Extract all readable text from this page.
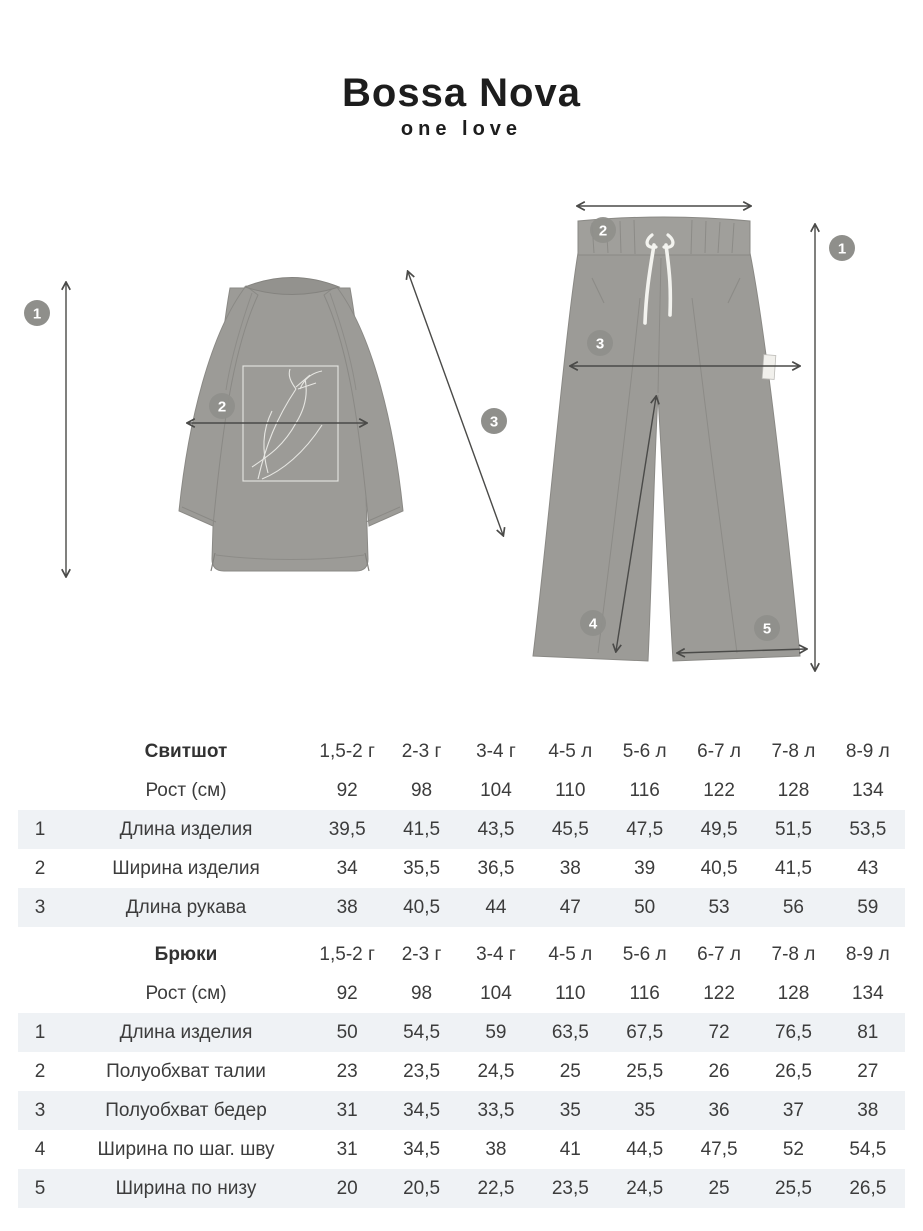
Bossa Nova
one love
1
2
3
1
2
3
4	5
	Свитшот	1,5-2 г	2-3 г	3-4 г	4-5 л	5-6 л	6-7 л	7-8 л	8-9 л
	Рост (см)	92	98	104	110	116	122	128	134
1	Длина изделия	39,5	41,5	43,5	45,5	47,5	49,5	51,5	53,5
2	Ширина изделия	34	35,5	36,5	38	39	40,5	41,5	43
3	Длина рукава	38	40,5	44	47	50	53	56	59
	Брюки	1,5-2 г	2-3 г	3-4 г	4-5 л	5-6 л	6-7 л	7-8 л	8-9 л
	Рост (см)	92	98	104	110	116	122	128	134
1	Длина изделия	50	54,5	59	63,5	67,5	72	76,5	81
2	Полуобхват талии	23	23,5	24,5	25	25,5	26	26,5	27
3	Полуобхват бедер	31	34,5	33,5	35	35	36	37	38
4	Ширина по шаг. шву	31	34,5	38	41	44,5	47,5	52	54,5
5	Ширина по низу	20	20,5	22,5	23,5	24,5	25	25,5	26,5
